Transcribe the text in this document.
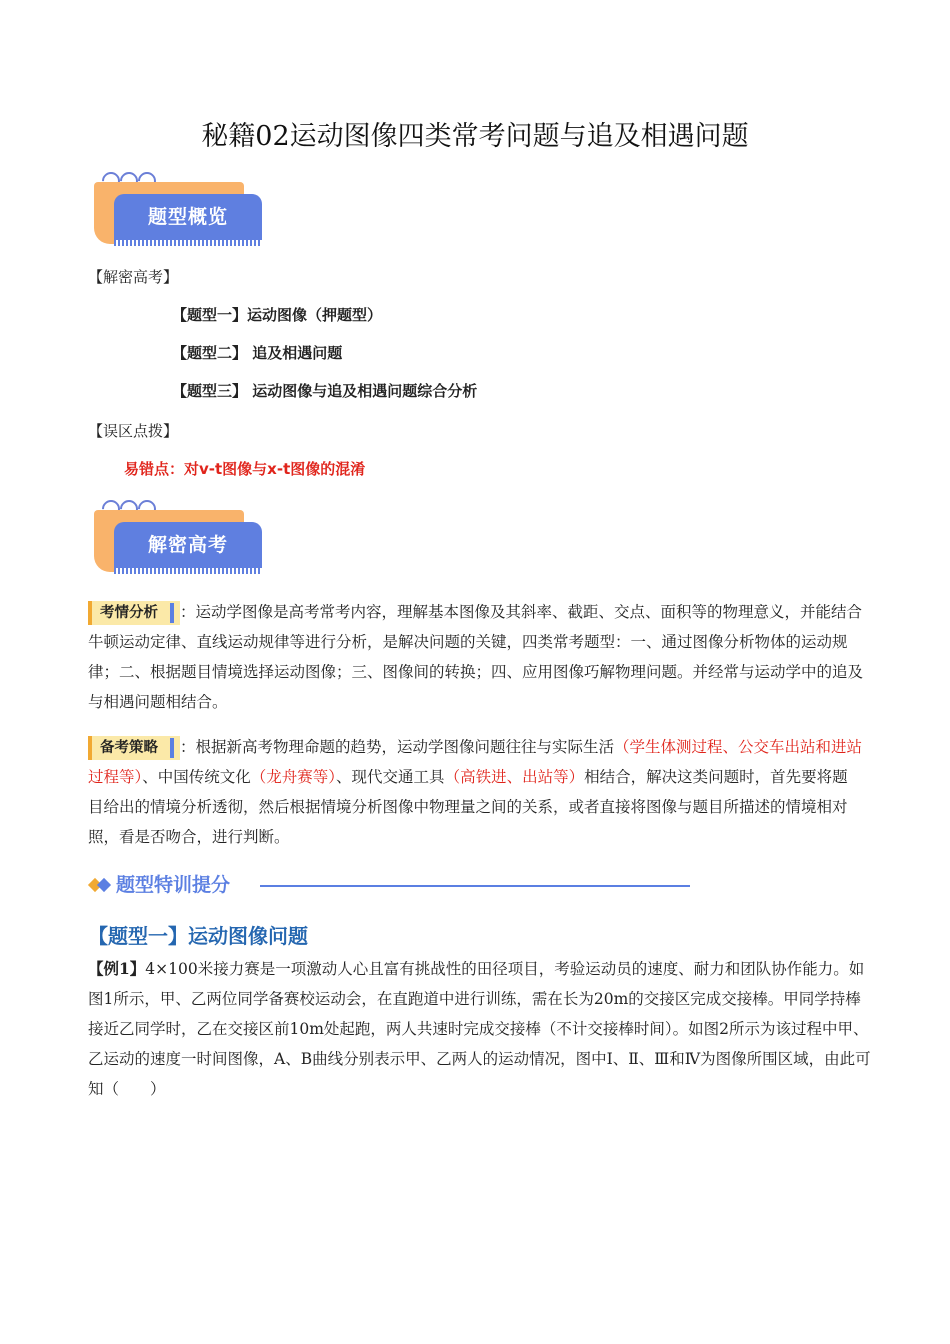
秘籍02运动图像四类常考问题与追及相遇问题
题型概览
【解密高考】
【题型一】运动图像（押题型）
【题型二】 追及相遇问题
【题型三】 运动图像与追及相遇问题综合分析
【误区点拨】
易错点：对v-t图像与x-t图像的混淆
解密高考
考情分析 ：运动学图像是高考常考内容，理解基本图像及其斜率、截距、交点、面积等的物理意义，并能结合牛顿运动定律、直线运动规律等进行分析，是解决问题的关键，四类常考题型：一、通过图像分析物体的运动规律；二、根据题目情境选择运动图像；三、图像间的转换；四、应用图像巧解物理问题。并经常与运动学中的追及与相遇问题相结合。
备考策略 ：根据新高考物理命题的趋势，运动学图像问题往往与实际生活（学生体测过程、公交车出站和进站过程等）、中国传统文化（龙舟赛等）、现代交通工具（高铁进、出站等）相结合，解决这类问题时，首先要将题目给出的情境分析透彻，然后根据情境分析图像中物理量之间的关系，或者直接将图像与题目所描述的情境相对照，看是否吻合，进行判断。
题型特训提分
【题型一】运动图像问题
【例1】4×100米接力赛是一项激动人心且富有挑战性的田径项目，考验运动员的速度、耐力和团队协作能力。如图1所示，甲、乙两位同学备赛校运动会，在直跑道中进行训练，需在长为20m的交接区完成交接棒。甲同学持棒接近乙同学时，乙在交接区前10m处起跑，两人共速时完成交接棒（不计交接棒时间）。如图2所示为该过程中甲、乙运动的速度一时间图像，A、B曲线分别表示甲、乙两人的运动情况，图中Ⅰ、Ⅱ、Ⅲ和Ⅳ为图像所围区域，由此可知（　　）
